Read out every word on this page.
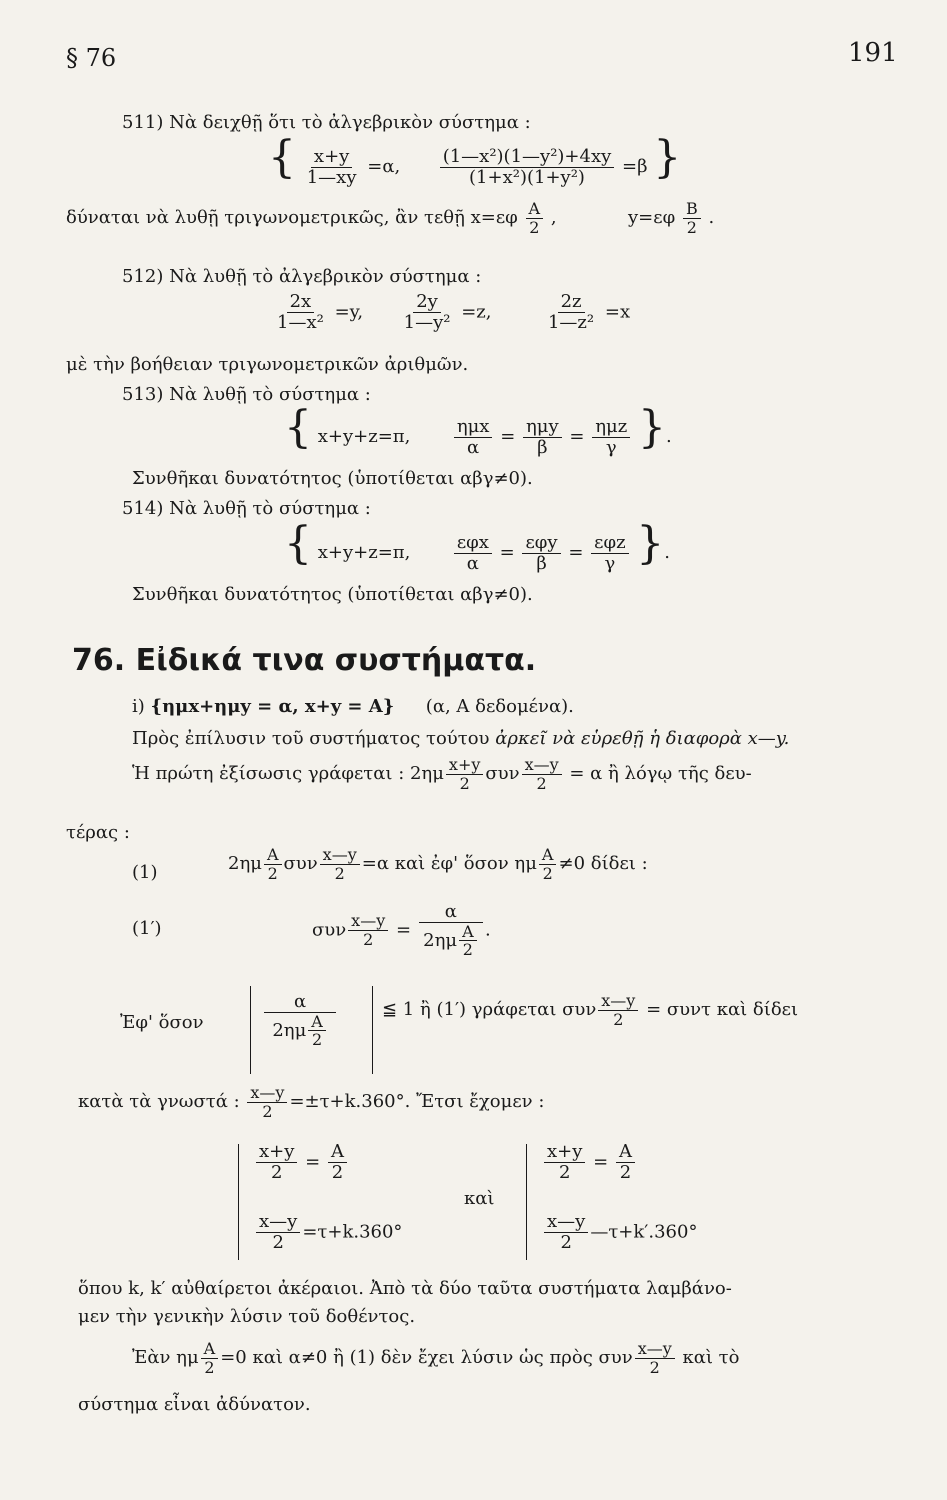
§ 76	191
511) Νὰ δειχθῇ ὅτι τὸ ἀλγεβρικὸν σύστημα :
{ $\frac{x+y}{1—xy} =\alpha$, $\frac{\text{(1—x²)(1—y²)+4xy}}{\text{(1+x²)(1+y²)}} =\beta$ }
δύναται νὰ λυθῇ τριγωνομετρικῶς, ἂν τεθῇ $x=\varepsilon\varphi \frac{A}{2}$ ,	$y=\varepsilon\varphi \frac{B}{2}$ .
512) Νὰ λυθῇ τὸ ἀλγεβρικὸν σύστημα :
$\frac{2x}{\text{1—x²}} =y$, $\frac{2y}{\text{1—y²}} =z$,	$\frac{2z}{\text{1—z²}} =x$
μὲ τὴν βοήθειαν τριγωνομετρικῶν ἀριθμῶν.
513) Νὰ λυθῇ τὸ σύστημα :
{ x+y+z=π, $\frac{\text{ημx}}{\alpha} = \frac{\text{ημy}}{\beta} = \frac{\text{ημz}}{\gamma}$ }.
Συνθῆκαι δυνατότητος (ὑποτίθεται αβγ≠0).
514) Νὰ λυθῇ τὸ σύστημα :
{ x+y+z=π, $\frac{\text{εφx}}{\alpha} = \frac{\text{εφy}}{\beta} = \frac{\text{εφz}}{\gamma}$ }.
Συνθῆκαι δυνατότητος (ὑποτίθεται αβγ≠0).
76. Εἰδικά τινα συστήματα.
i) {ημx+ημy = α, x+y = A} (α, A δεδομένα).
Πρὸς ἐπίλυσιν τοῦ συστήματος τούτου ἀρκεῖ νὰ εὑρεθῇ ἡ διαφορὰ x—y.
Ἡ πρώτη ἐξίσωσις γράφεται : $2\eta\mu \frac{x+y}{2}$ συν $\frac{x—y}{2} = \alpha$ ἢ λόγῳ τῆς δευ-
τέρας :
(1)	$2\eta\mu \frac{A}{2}$ συν $\frac{x—y}{2} =\alpha$ καὶ ἐφ' ὅσον ημ $\frac{A}{2} \ne 0$ δίδει :
(1′)	συν $\frac{x—y}{2} = \frac{\alpha}{2\eta\mu \frac{A}{2}}$ .
Ἐφ' ὅσον	$\frac{\alpha}{2\eta\mu \frac{A}{2}}$	≦ 1 ἢ (1′) γράφεται συν $\frac{x—y}{2} = \sigma\upsilon\nu\tau$ καὶ δίδει
κατὰ τὰ γνωστά : $\frac{x—y}{2} =\pm\tau+k.360^\circ$. Ἔτσι ἔχομεν :
$\frac{x+y}{2} = \frac{A}{2}$
$\frac{x—y}{2} =\tau+k.360^\circ$
καὶ
$\frac{x+y}{2} = \frac{A}{2}$
$\frac{x—y}{2}$ —τ+k′.360°
ὅπου k, k′ αὐθαίρετοι ἀκέραιοι. Ἀπὸ τὰ δύο ταῦτα συστήματα λαμβάνο-
μεν τὴν γενικὴν λύσιν τοῦ δοθέντος.
Ἐὰν ημ $\frac{A}{2} =0$ καὶ α≠0 ἢ (1) δὲν ἔχει λύσιν ὡς πρὸς συν $\frac{x—y}{2}$ καὶ τὸ
σύστημα εἶναι ἀδύνατον.
